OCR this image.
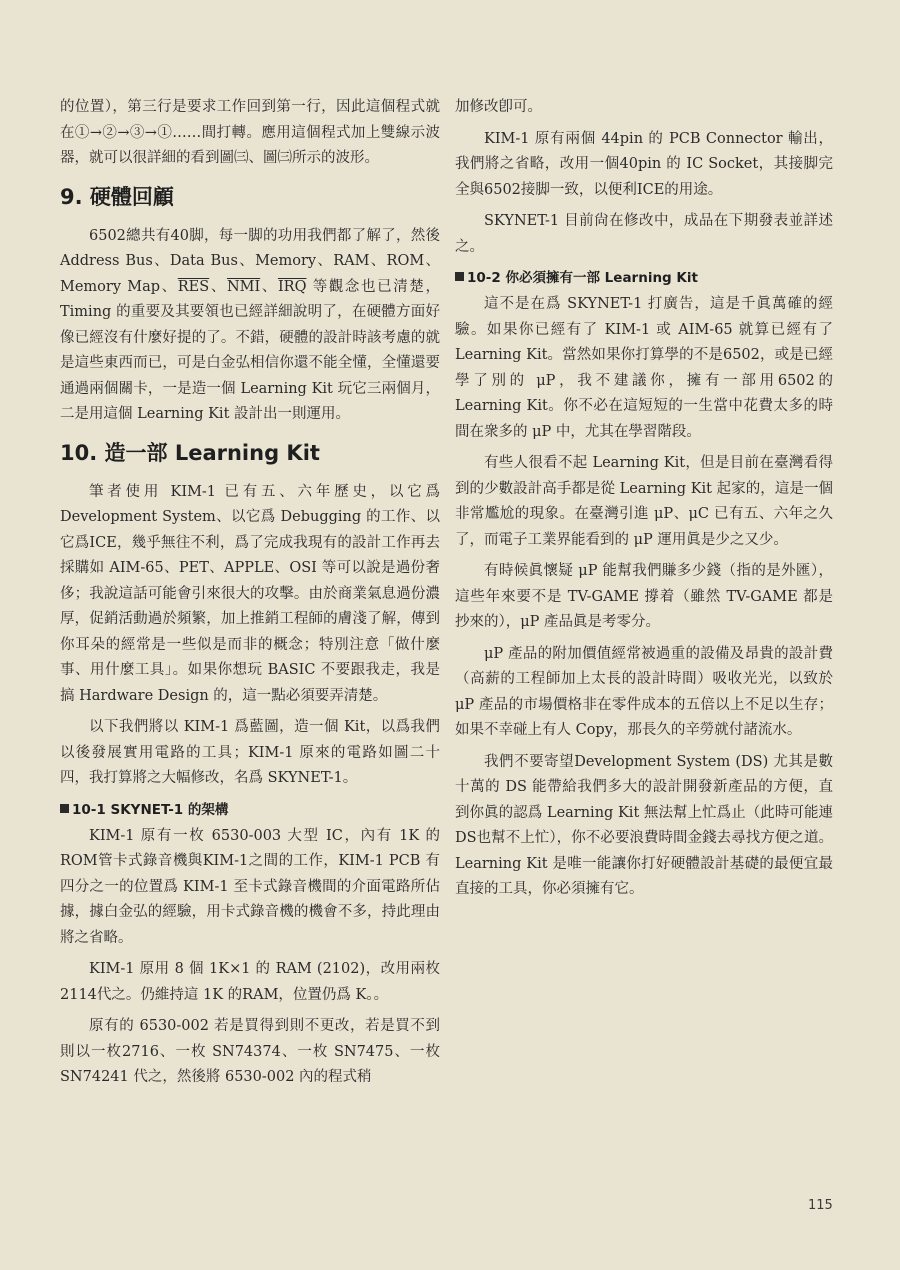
的位置），第三行是要求工作回到第一行，因此這個程式就在①→②→③→①……間打轉。應用這個程式加上雙線示波器，就可以很詳細的看到圖㈢、圖㈢所示的波形。

9. 硬體回顧

6502總共有40脚，每一脚的功用我們都了解了，然後 Address Bus、Data Bus、Memory、RAM、ROM、Memory Map、$\overline{RES}$、$\overline{NMI}$、$\overline{IRQ}$ 等觀念也已清楚，Timing 的重要及其要領也已經詳細說明了，在硬體方面好像已經沒有什麼好提的了。不錯，硬體的設計時該考慮的就是這些東西而已，可是白金弘相信你還不能全懂，全懂還要通過兩個關卡，一是造一個 Learning Kit 玩它三兩個月，二是用這個 Learning Kit 設計出一則運用。

10. 造一部 Learning Kit

筆者使用 KIM-1 已有五、六年歷史，以它爲 Development System、以它爲 Debugging 的工作、以它爲ICE，幾乎無往不利，爲了完成我現有的設計工作再去採購如 AIM-65、PET、APPLE、OSI 等可以說是過份奢侈；我說這話可能會引來很大的攻擊。由於商業氣息過份濃厚，促銷活動過於頻繁，加上推銷工程師的膚淺了解，傳到你耳朵的經常是一些似是而非的概念；特別注意「做什麼事、用什麼工具」。如果你想玩 BASIC 不要跟我走，我是搞 Hardware Design 的，這一點必須要弄清楚。

以下我們將以 KIM-1 爲藍圖，造一個 Kit，以爲我們以後發展實用電路的工具；KIM-1 原來的電路如圖二十四，我打算將之大幅修改，名爲 SKYNET-1。

10-1 SKYNET-1 的架構

KIM-1 原有一枚 6530-003 大型 IC，內有 1K 的ROM管卡式錄音機與KIM-1之間的工作，KIM-1 PCB 有四分之一的位置爲 KIM-1 至卡式錄音機間的介面電路所佔據，據白金弘的經驗，用卡式錄音機的機會不多，持此理由將之省略。

KIM-1 原用 8 個 1K×1 的 RAM (2102)，改用兩枚2114代之。仍維持這 1K 的RAM，位置仍爲 K。。

原有的 6530-002 若是買得到則不更改，若是買不到則以一枚2716、一枚 SN74374、一枚 SN7475、一枚 SN74241 代之，然後將 6530-002 內的程式稍

加修改卽可。

KIM-1 原有兩個 44pin 的 PCB Connector 輸出，我們將之省略，改用一個40pin 的 IC Socket，其接脚完全與6502接脚一致，以便利ICE的用途。

SKYNET-1 目前尙在修改中，成品在下期發表並詳述之。

10-2 你必須擁有一部 Learning Kit

這不是在爲 SKYNET-1 打廣告，這是千眞萬確的經驗。如果你已經有了 KIM-1 或 AIM-65 就算已經有了 Learning Kit。當然如果你打算學的不是6502，或是已經學了別的 μP，我不建議你，擁有一部用6502的 Learning Kit。你不必在這短短的一生當中花費太多的時間在衆多的 μP 中，尤其在學習階段。

有些人很看不起 Learning Kit，但是目前在臺灣看得到的少數設計高手都是從 Learning Kit 起家的，這是一個非常尷尬的現象。在臺灣引進 μP、μC 已有五、六年之久了，而電子工業界能看到的 μP 運用眞是少之又少。

有時候眞懷疑 μP 能幫我們賺多少錢（指的是外匯），這些年來要不是 TV-GAME 撐着（雖然 TV-GAME 都是抄來的），μP 產品眞是考零分。

μP 產品的附加價值經常被過重的設備及昂貴的設計費（高薪的工程師加上太長的設計時間）吸收光光，以致於 μP 產品的市場價格非在零件成本的五倍以上不足以生存；如果不幸碰上有人 Copy，那長久的辛勞就付諸流水。

我們不要寄望Development System (DS) 尤其是數十萬的 DS 能帶給我們多大的設計開發新產品的方便，直到你眞的認爲 Learning Kit 無法幫上忙爲止（此時可能連DS也幫不上忙），你不必要浪費時間金錢去尋找方便之道。Learning Kit 是唯一能讓你打好硬體設計基礎的最便宜最直接的工具，你必須擁有它。

115
